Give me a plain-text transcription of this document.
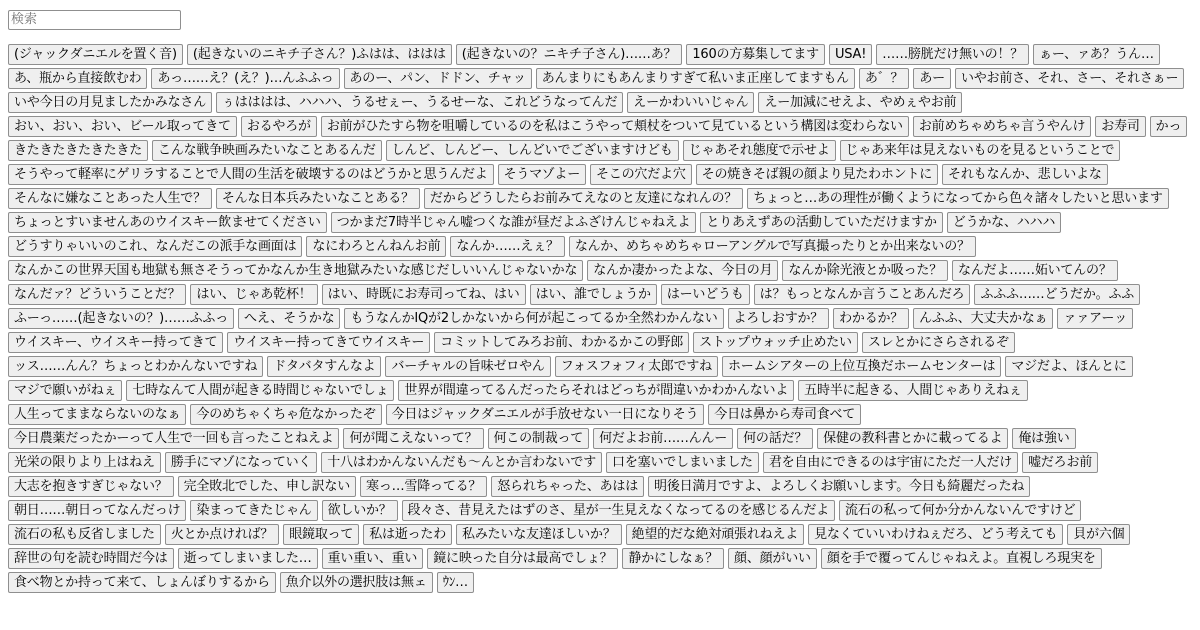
検索
(ジャックダニエルを置く音) (起きないのニキチ子さん？)ふはは、ははは (起きないの？ニキチ子さん)……あ？ 160の方募集してます USA! ……膀胱だけ無いの！？ ぁー、ァあ？うん…あ、瓶から直接飲むわ あっ……え？(え？)…んふふっ あのー、パン、ドドン、チャッ あんまりにもあんまりすぎて私いま正座してますもん あ゛？ あー いやお前さ、それ、さー、それさぁーいや今日の月見ましたかみなさん ぅはははは、ハハハ、うるせぇー、うるせーな、これどうなってんだ えーかわいいじゃん えー加減にせえよ、やめぇやお前おい、おい、おい、ビール取ってきて おるやろが お前がひたすら物を咀嚼しているのを私はこうやって頬杖をついて見ているという構図は変わらない お前めちゃめちゃ言うやんけ お寿司 かっきたきたきたきたきた こんな戦争映画みたいなことあるんだ しんど、しんどー、しんどいでございますけども じゃあそれ態度で示せよ じゃあ来年は見えないものを見るということでそうやって軽率にゲリラすることで人間の生活を破壊するのはどうかと思うんだよ そうマゾよー そこの穴だよ穴 その焼きそば親の顔より見たわホントに それもなんか、悲しいよなそんなに嫌なことあった人生で？ そんな日本兵みたいなことある？ だからどうしたらお前みてえなのと友達になれんの？ ちょっと…あの理性が働くようになってから色々諸々したいと思いますちょっとすいませんあのウイスキー飲ませてください つかまだ7時半じゃん嘘つくな誰が昼だよふざけんじゃねえよ とりあえずあの活動していただけますか どうかな、ハハハどうすりゃいいのこれ、なんだこの派手な画面は なにわろとんねんお前 なんか……えぇ？ なんか、めちゃめちゃローアングルで写真撮ったりとか出来ないの？なんかこの世界天国も地獄も無さそうってかなんか生き地獄みたいな感じだしいいんじゃないかな なんか凄かったよな、今日の月 なんか除光液とか吸った？ なんだよ……妬いてんの？なんだァ？どういうことだ？ はい、じゃあ乾杯！ はい、時既にお寿司ってね、はい はい、誰でしょうか はーいどうも は？もっとなんか言うことあんだろ ふふふ……どうだか。ふふふーっ……(起きないの？)……ふふっ へえ、そうかな もうなんかIQが2しかないから何が起こってるか全然わかんない よろしおすか？ わかるか？ んふふ、大丈夫かなぁ ァァアーッウイスキー、ウイスキー持ってきて ウイスキー持ってきてウイスキー コミットしてみろお前、わかるかこの野郎 ストップウォッチ止めたい スレとかにさらされるぞッス……んん？ちょっとわかんないですね ドタバタすんなよ バーチャルの旨味ゼロやん フォスフォフィ太郎ですね ホームシアターの上位互換だホームセンターは マジだよ、ほんとにマジで願いがねぇ 七時なんて人間が起きる時間じゃないでしょ 世界が間違ってるんだったらそれはどっちが間違いかわかんないよ 五時半に起きる、人間じゃありえねぇ人生ってままならないのなぁ 今のめちゃくちゃ危なかったぞ 今日はジャックダニエルが手放せない一日になりそう 今日は鼻から寿司食べて今日農薬だったかーって人生で一回も言ったことねえよ 何が聞こえないって？ 何この制裁って 何だよお前……んんー 何の話だ？ 保健の教科書とかに載ってるよ 俺は強い光栄の限りより上はねえ 勝手にマゾになっていく 十八はわかんないんだも〜んとか言わないです 口を塞いでしまいました 君を自由にできるのは宇宙にただ一人だけ 嘘だろお前大志を抱きすぎじゃない？ 完全敗北でした、申し訳ない 寒っ…雪降ってる？ 怒られちゃった、あはは 明後日満月ですよ、よろしくお願いします。今日も綺麗だったね朝日……朝日ってなんだっけ 染まってきたじゃん 欲しいか？ 段々さ、昔見えたはずのさ、星が一生見えなくなってるのを感じるんだよ 流石の私って何か分かんないんですけど流石の私も反省しました 火とか点ければ？ 眼鏡取って 私は逝ったわ 私みたいな友達ほしいか？ 絶望的だな絶対頑張れねえよ 見なくていいわけねぇだろ、どう考えても 貝が六個辞世の句を読む時間だ今は 逝ってしまいました… 重い重い、重い 鏡に映った自分は最高でしょ？ 静かにしなぁ？ 顔、顔がいい 顔を手で覆ってんじゃねえよ。直視しろ現実を食べ物とか持って来て、しょんぼりするから 魚介以外の選択肢は無ェ ｳﾝ…
